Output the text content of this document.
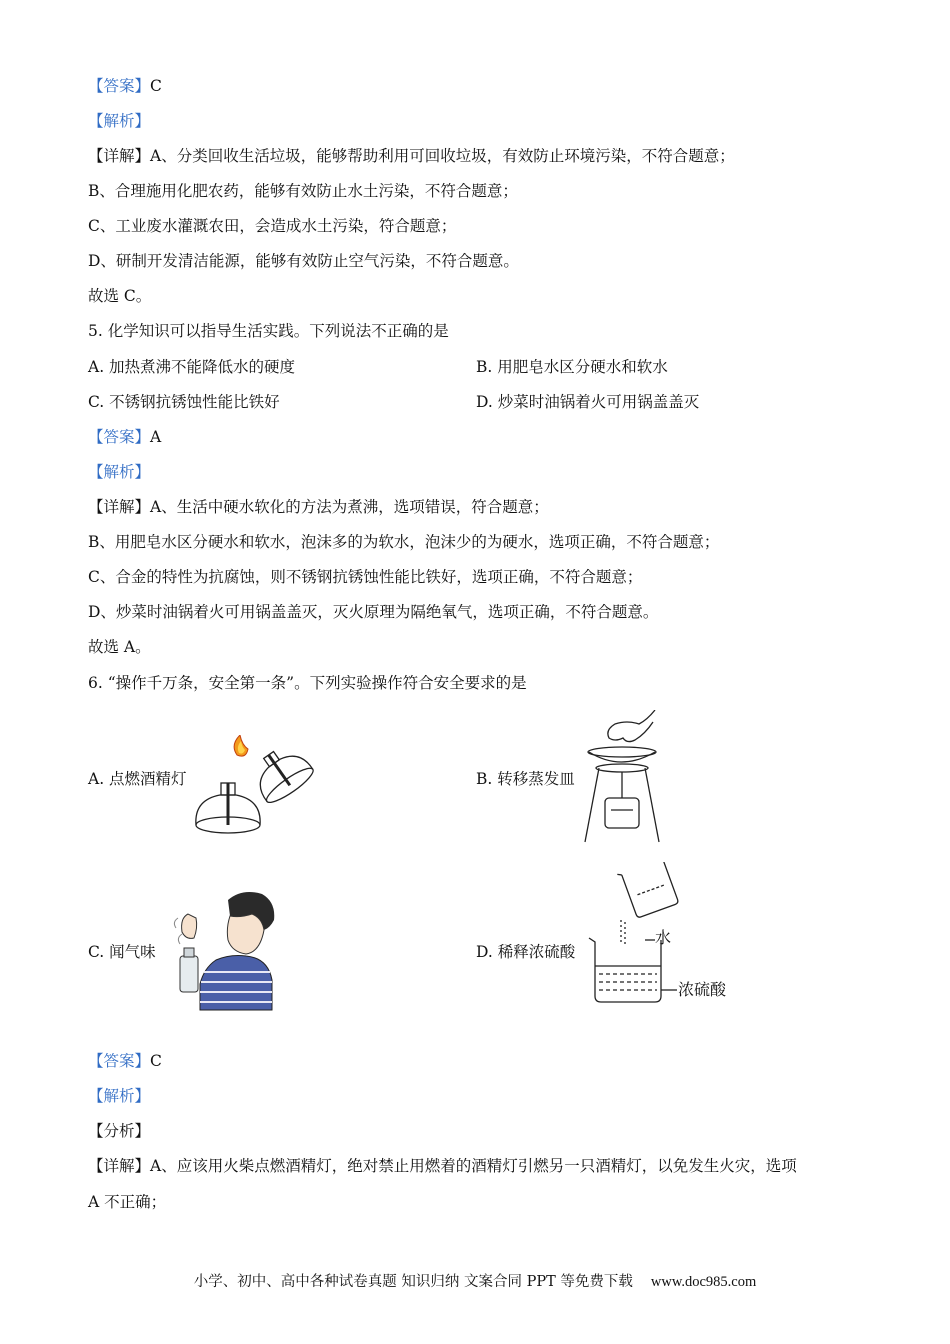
【答案】C
【解析】
【详解】A、分类回收生活垃圾，能够帮助利用可回收垃圾，有效防止环境污染，不符合题意；
B、合理施用化肥农药，能够有效防止水土污染，不符合题意；
C、工业废水灌溉农田，会造成水土污染，符合题意；
D、研制开发清洁能源，能够有效防止空气污染，不符合题意。
故选 C。
5. 化学知识可以指导生活实践。下列说法不正确的是
A. 加热煮沸不能降低水的硬度	B. 用肥皂水区分硬水和软水
C. 不锈钢抗锈蚀性能比铁好	D. 炒菜时油锅着火可用锅盖盖灭
【答案】A
【解析】
【详解】A、生活中硬水软化的方法为煮沸，选项错误，符合题意；
B、用肥皂水区分硬水和软水，泡沫多的为软水，泡沫少的为硬水，选项正确，不符合题意；
C、合金的特性为抗腐蚀，则不锈钢抗锈蚀性能比铁好，选项正确，不符合题意；
D、炒菜时油锅着火可用锅盖盖灭，灭火原理为隔绝氧气，选项正确，不符合题意。
故选 A。
6. “操作千万条，安全第一条”。下列实验操作符合安全要求的是
A. 点燃酒精灯	B. 转移蒸发皿
C. 闻气味	D. 稀释浓硫酸
水
浓硫酸
【答案】C
【解析】
【分析】
【详解】A、应该用火柴点燃酒精灯，绝对禁止用燃着的酒精灯引燃另一只酒精灯，以免发生火灾，选项
A 不正确；
小学、初中、高中各种试卷真题 知识归纳 文案合同 PPT 等免费下载 www.doc985.com
